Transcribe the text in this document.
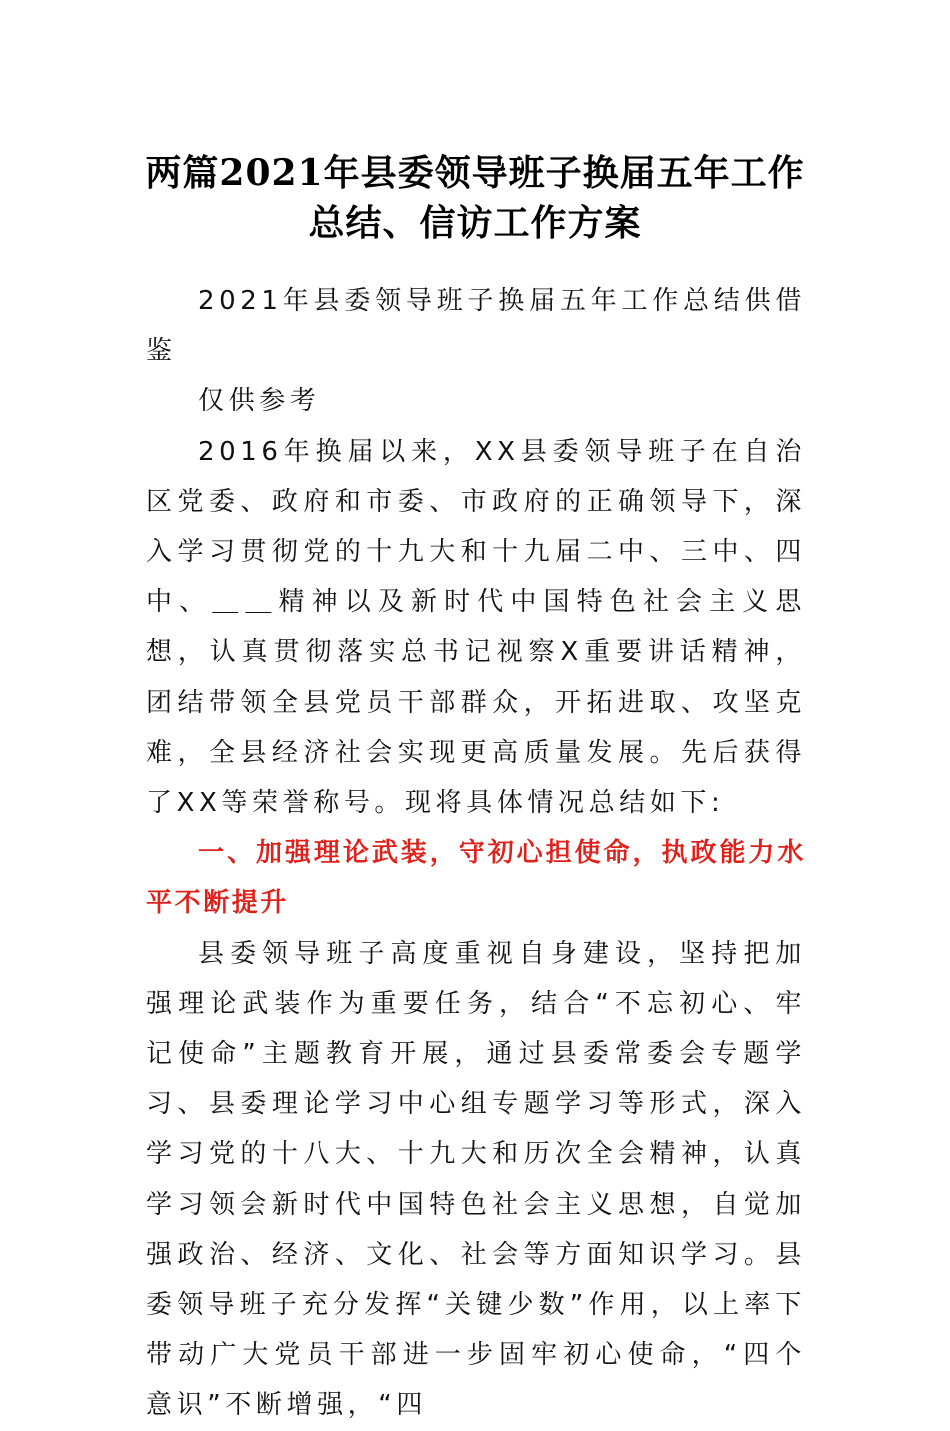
两篇2021年县委领导班子换届五年工作总结、信访工作方案

2021年县委领导班子换届五年工作总结供借鉴

仅供参考

2016年换届以来，XX县委领导班子在自治区党委、政府和市委、市政府的正确领导下，深入学习贯彻党的十九大和十九届二中、三中、四中、＿＿精神以及新时代中国特色社会主义思想，认真贯彻落实总书记视察X重要讲话精神，团结带领全县党员干部群众，开拓进取、攻坚克难，全县经济社会实现更高质量发展。先后获得了XX等荣誉称号。现将具体情况总结如下:

一、加强理论武装，守初心担使命，执政能力水平不断提升

县委领导班子高度重视自身建设，坚持把加强理论武装作为重要任务，结合“不忘初心、牢记使命”主题教育开展，通过县委常委会专题学习、县委理论学习中心组专题学习等形式，深入学习党的十八大、十九大和历次全会精神，认真学习领会新时代中国特色社会主义思想，自觉加强政治、经济、文化、社会等方面知识学习。县委领导班子充分发挥“关键少数”作用，以上率下带动广大党员干部进一步固牢初心使命，“四个意识”不断增强，“四
